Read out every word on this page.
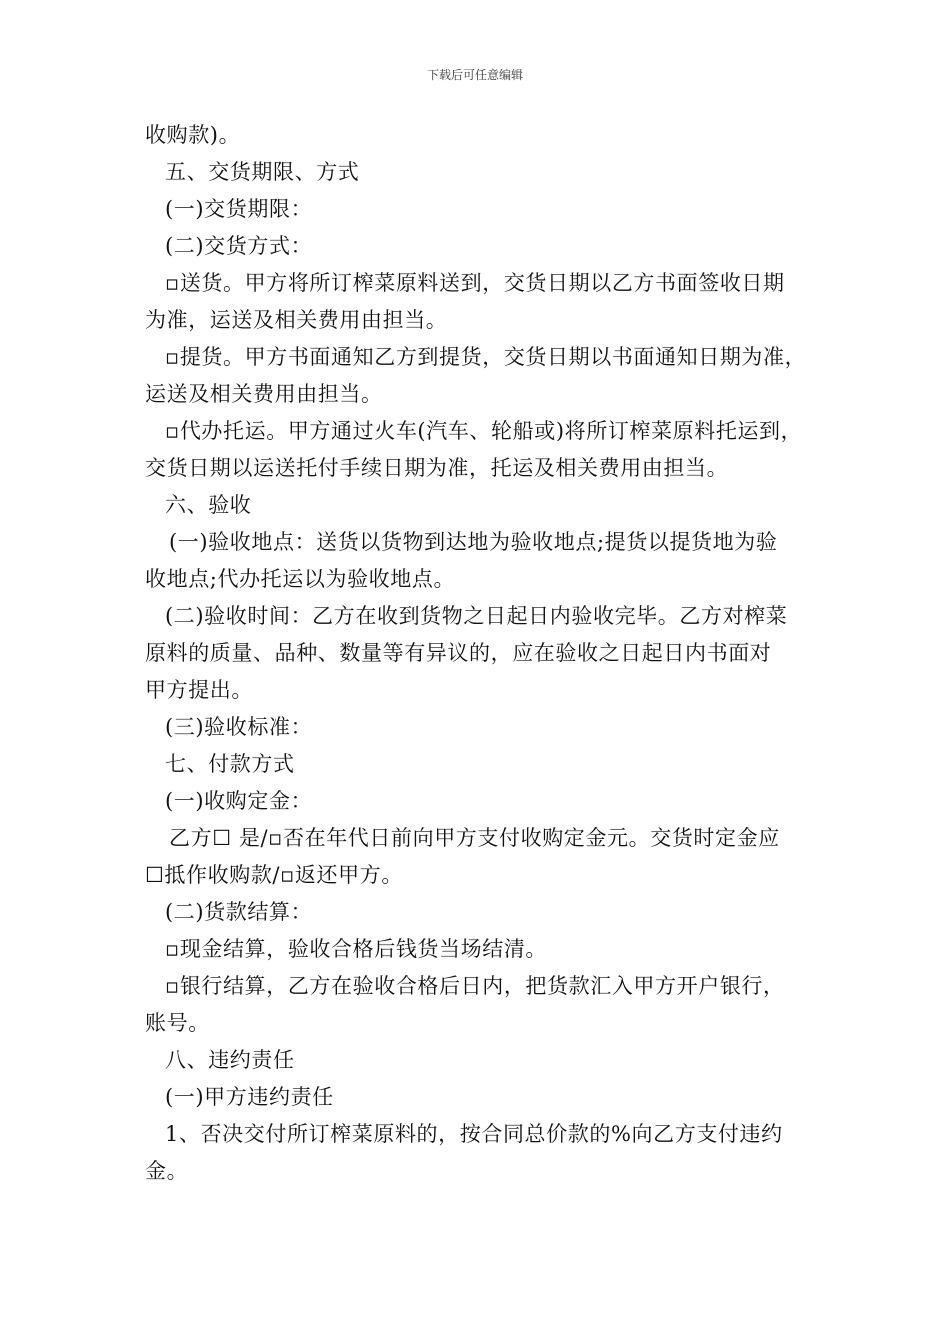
下载后可任意编辑
收购款)。
五、交货期限、方式
(一)交货期限：
(二)交货方式：
▫送货。甲方将所订榨菜原料送到，交货日期以乙方书面签收日期
为准，运送及相关费用由担当。
▫提货。甲方书面通知乙方到提货，交货日期以书面通知日期为准，
运送及相关费用由担当。
▫代办托运。甲方通过火车(汽车、轮船或)将所订榨菜原料托运到，
交货日期以运送托付手续日期为准，托运及相关费用由担当。
六、验收
(一)验收地点：送货以货物到达地为验收地点;提货以提货地为验
收地点;代办托运以为验收地点。
(二)验收时间：乙方在收到货物之日起日内验收完毕。乙方对榨菜
原料的质量、品种、数量等有异议的，应在验收之日起日内书面对
甲方提出。
(三)验收标准：
七、付款方式
(一)收购定金：
乙方☐ 是/▫否在年代日前向甲方支付收购定金元。交货时定金应
☐抵作收购款/▫返还甲方。
(二)货款结算：
▫现金结算，验收合格后钱货当场结清。
▫银行结算，乙方在验收合格后日内，把货款汇入甲方开户银行，
账号。
八、违约责任
(一)甲方违约责任
1、否决交付所订榨菜原料的，按合同总价款的%向乙方支付违约
金。
